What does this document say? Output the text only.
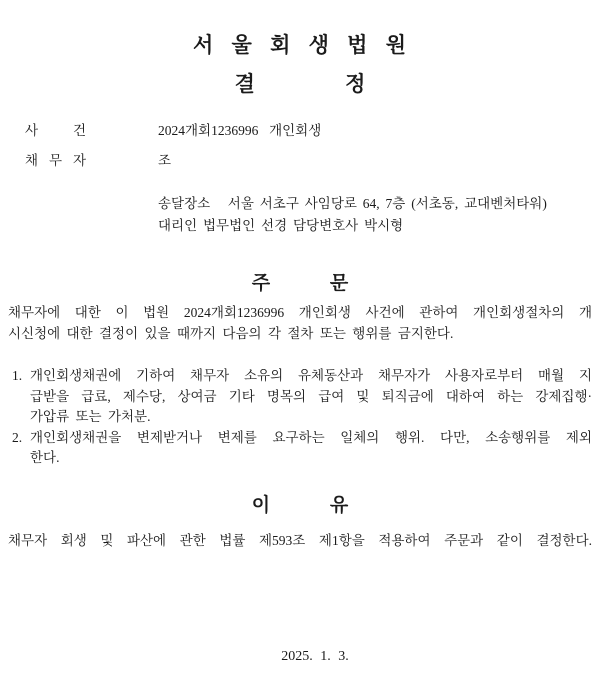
서 울 회 생 법 원
결 정
사 건	2024개회1236996  개인회생
채 무 자	조
송달장소   서울 서초구 사임당로 64, 7층 (서초동, 교대벤처타워)
대리인 법무법인 선경 담당변호사 박시형
주 문
채무자에 대한 이 법원 2024개회1236996 개인회생 사건에 관하여 개인회생절차의 개
시신청에 대한 결정이 있을 때까지 다음의 각 절차 또는 행위를 금지한다.
1. 개인회생채권에 기하여 채무자 소유의 유체동산과 채무자가 사용자로부터 매월 지
급받을 급료, 제수당, 상여금 기타 명목의 급여 및 퇴직금에 대하여 하는 강제집행·
가압류 또는 가처분.
2. 개인회생채권을 변제받거나 변제를 요구하는 일체의 행위. 다만, 소송행위를 제외
한다.
이 유
채무자 회생 및 파산에 관한 법률 제593조 제1항을 적용하여 주문과 같이 결정한다.
2025. 1. 3.
